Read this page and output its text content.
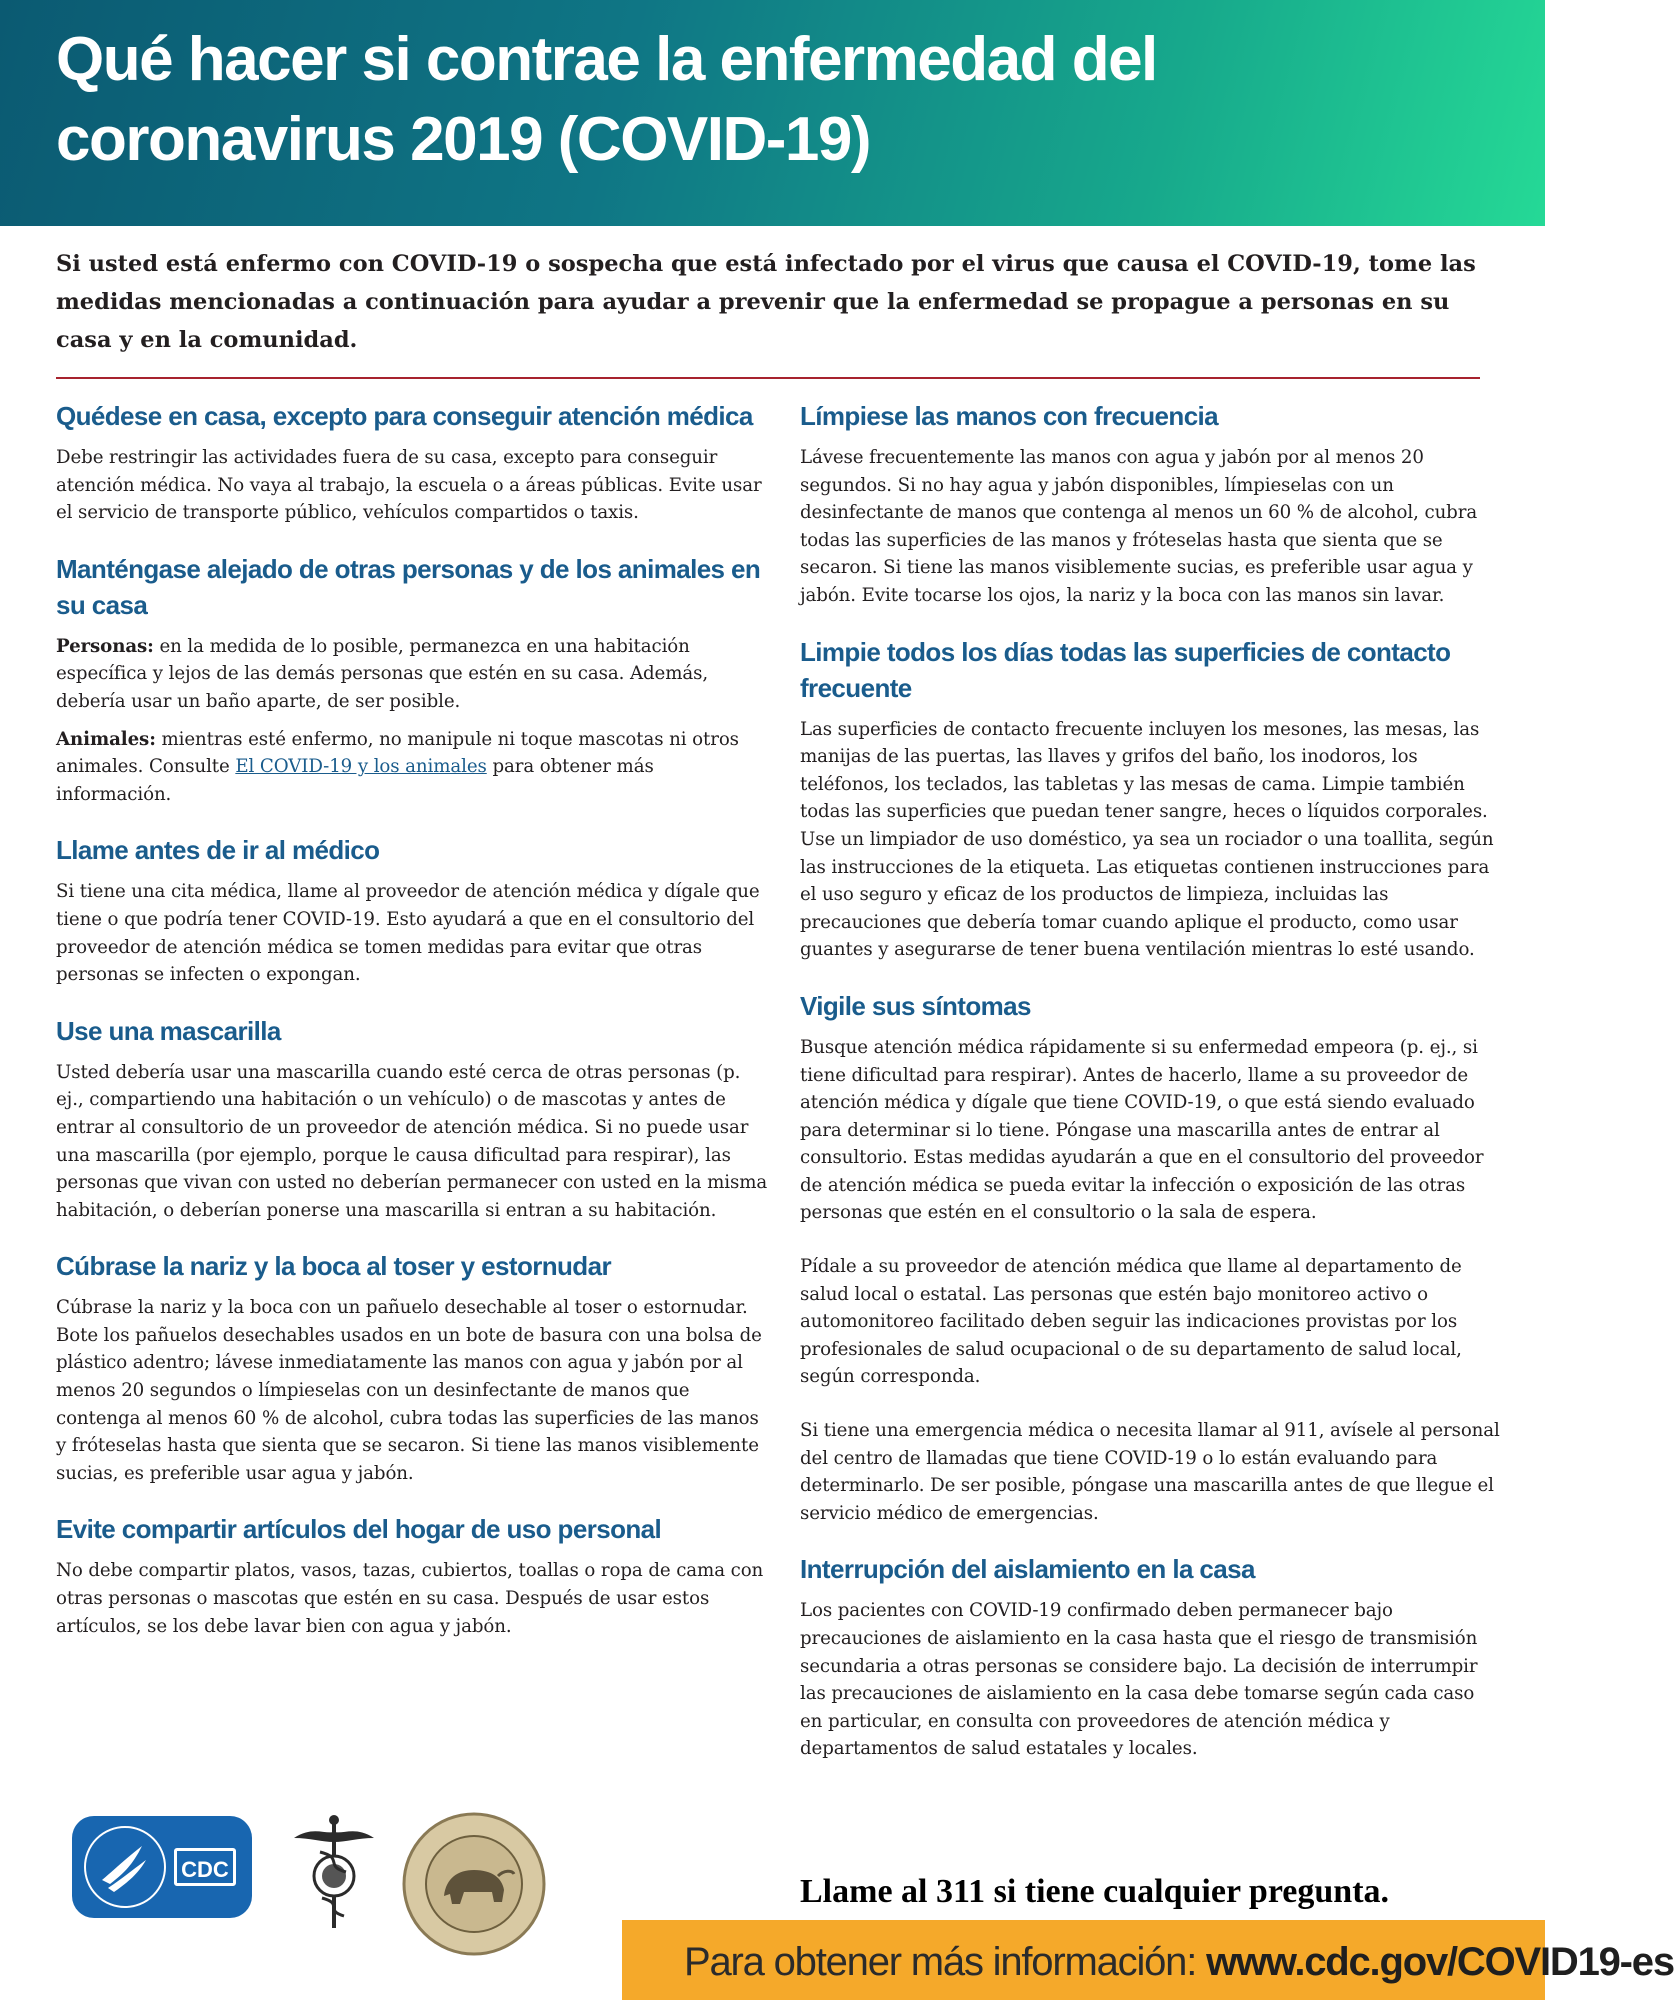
Qué hacer si contrae la enfermedad del coronavirus 2019 (COVID-19)

Si usted está enfermo con COVID-19 o sospecha que está infectado por el virus que causa el COVID-19, tome las medidas mencionadas a continuación para ayudar a prevenir que la enfermedad se propague a personas en su casa y en la comunidad.

Quédese en casa, excepto para conseguir atención médica

Debe restringir las actividades fuera de su casa, excepto para conseguir atención médica. No vaya al trabajo, la escuela o a áreas públicas. Evite usar el servicio de transporte público, vehículos compartidos o taxis.

Manténgase alejado de otras personas y de los animales en su casa

Personas: en la medida de lo posible, permanezca en una habitación específica y lejos de las demás personas que estén en su casa. Además, debería usar un baño aparte, de ser posible.

Animales: mientras esté enfermo, no manipule ni toque mascotas ni otros animales. Consulte El COVID-19 y los animales para obtener más información.

Llame antes de ir al médico

Si tiene una cita médica, llame al proveedor de atención médica y dígale que tiene o que podría tener COVID-19. Esto ayudará a que en el consultorio del proveedor de atención médica se tomen medidas para evitar que otras personas se infecten o expongan.

Use una mascarilla

Usted debería usar una mascarilla cuando esté cerca de otras personas (p. ej., compartiendo una habitación o un vehículo) o de mascotas y antes de entrar al consultorio de un proveedor de atención médica. Si no puede usar una mascarilla (por ejemplo, porque le causa dificultad para respirar), las personas que vivan con usted no deberían permanecer con usted en la misma habitación, o deberían ponerse una mascarilla si entran a su habitación.

Cúbrase la nariz y la boca al toser y estornudar

Cúbrase la nariz y la boca con un pañuelo desechable al toser o estornudar. Bote los pañuelos desechables usados en un bote de basura con una bolsa de plástico adentro; lávese inmediatamente las manos con agua y jabón por al menos 20 segundos o límpieselas con un desinfectante de manos que contenga al menos 60 % de alcohol, cubra todas las superficies de las manos y fróteselas hasta que sienta que se secaron. Si tiene las manos visiblemente sucias, es preferible usar agua y jabón.

Evite compartir artículos del hogar de uso personal

No debe compartir platos, vasos, tazas, cubiertos, toallas o ropa de cama con otras personas o mascotas que estén en su casa. Después de usar estos artículos, se los debe lavar bien con agua y jabón.

Límpiese las manos con frecuencia

Lávese frecuentemente las manos con agua y jabón por al menos 20 segundos. Si no hay agua y jabón disponibles, límpieselas con un desinfectante de manos que contenga al menos un 60 % de alcohol, cubra todas las superficies de las manos y fróteselas hasta que sienta que se secaron. Si tiene las manos visiblemente sucias, es preferible usar agua y jabón. Evite tocarse los ojos, la nariz y la boca con las manos sin lavar.

Limpie todos los días todas las superficies de contacto frecuente

Las superficies de contacto frecuente incluyen los mesones, las mesas, las manijas de las puertas, las llaves y grifos del baño, los inodoros, los teléfonos, los teclados, las tabletas y las mesas de cama. Limpie también todas las superficies que puedan tener sangre, heces o líquidos corporales. Use un limpiador de uso doméstico, ya sea un rociador o una toallita, según las instrucciones de la etiqueta. Las etiquetas contienen instrucciones para el uso seguro y eficaz de los productos de limpieza, incluidas las precauciones que debería tomar cuando aplique el producto, como usar guantes y asegurarse de tener buena ventilación mientras lo esté usando.

Vigile sus síntomas

Busque atención médica rápidamente si su enfermedad empeora (p. ej., si tiene dificultad para respirar). Antes de hacerlo, llame a su proveedor de atención médica y dígale que tiene COVID-19, o que está siendo evaluado para determinar si lo tiene. Póngase una mascarilla antes de entrar al consultorio. Estas medidas ayudarán a que en el consultorio del proveedor de atención médica se pueda evitar la infección o exposición de las otras personas que estén en el consultorio o la sala de espera.

Pídale a su proveedor de atención médica que llame al departamento de salud local o estatal. Las personas que estén bajo monitoreo activo o automonitoreo facilitado deben seguir las indicaciones provistas por los profesionales de salud ocupacional o de su departamento de salud local, según corresponda.

Si tiene una emergencia médica o necesita llamar al 911, avísele al personal del centro de llamadas que tiene COVID-19 o lo están evaluando para determinarlo. De ser posible, póngase una mascarilla antes de que llegue el servicio médico de emergencias.

Interrupción del aislamiento en la casa

Los pacientes con COVID-19 confirmado deben permanecer bajo precauciones de aislamiento en la casa hasta que el riesgo de transmisión secundaria a otras personas se considere bajo. La decisión de interrumpir las precauciones de aislamiento en la casa debe tomarse según cada caso en particular, en consulta con proveedores de atención médica y departamentos de salud estatales y locales.

CDC
Llame al 311 si tiene cualquier pregunta.
Para obtener más información: www.cdc.gov/COVID19-es
